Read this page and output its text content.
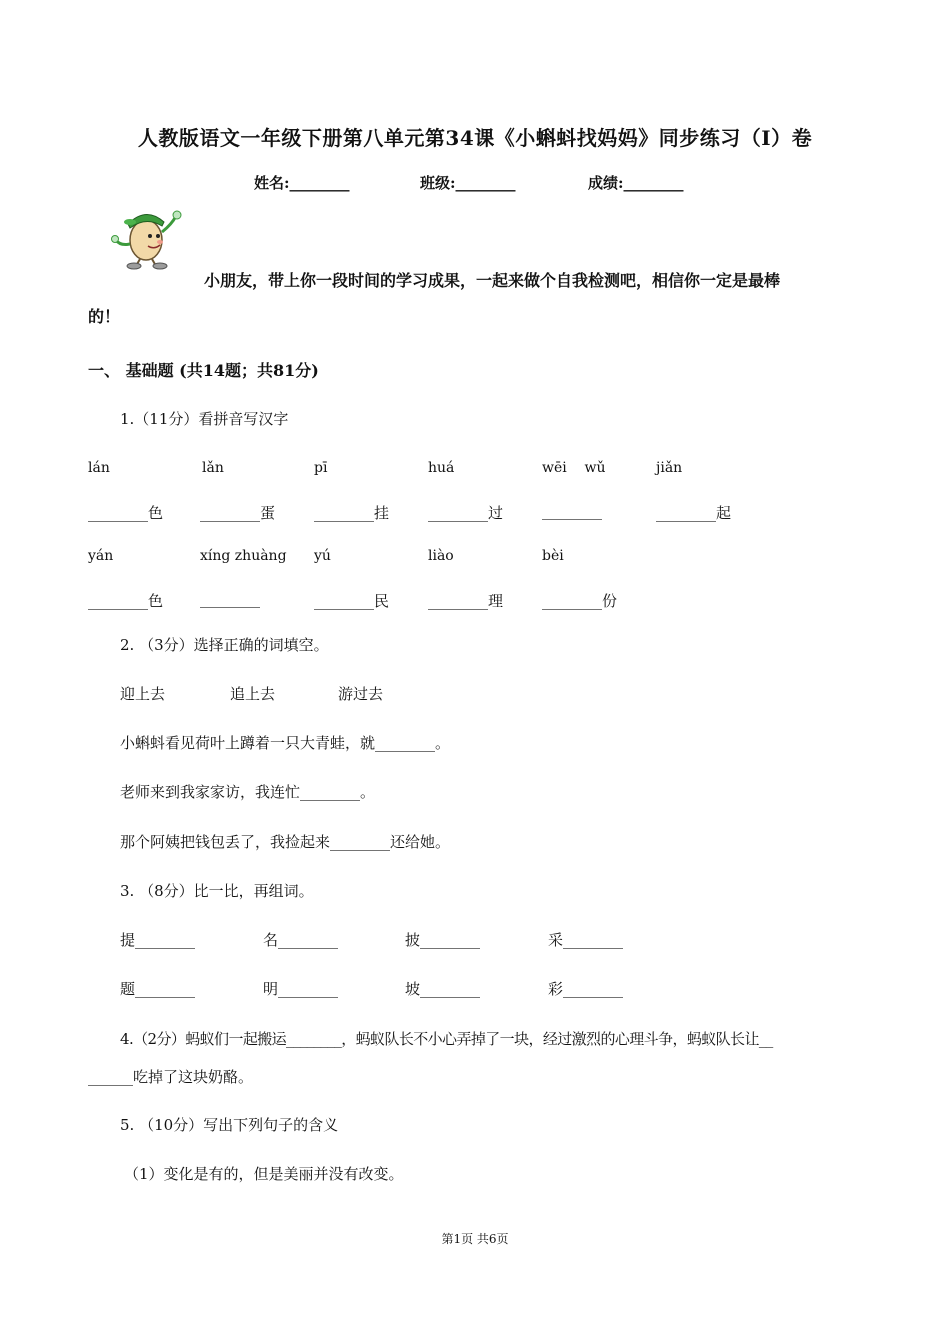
人教版语文一年级下册第八单元第34课《小蝌蚪找妈妈》同步练习（I）卷
姓名:________	班级:________	成绩:________
小朋友，带上你一段时间的学习成果，一起来做个自我检测吧，相信你一定是最棒
的！
一、 基础题 (共14题；共81分)
1.（11分）看拼音写汉字
lán	lǎn	pī	huá	wēi    wǔ	jiǎn
________色 ________蛋	________挂	________过	________	________起
yán	xíng zhuàng yú	liào	bèi
________色 ________	________民	________理	________份
2. （3分）选择正确的词填空。
迎上去	追上去	游过去
小蝌蚪看见荷叶上蹲着一只大青蛙，就________。
老师来到我家家访，我连忙________。
那个阿姨把钱包丢了，我捡起来________还给她。
3. （8分）比一比，再组词。
提________	名________	披________	采________
题________	明________	坡________	彩________
4.（2分）蚂蚁们一起搬运________，蚂蚁队长不小心弄掉了一块，经过激烈的心理斗争，蚂蚁队长让__
______吃掉了这块奶酪。
5. （10分）写出下列句子的含义
（1）变化是有的，但是美丽并没有改变。
第1页 共6页
